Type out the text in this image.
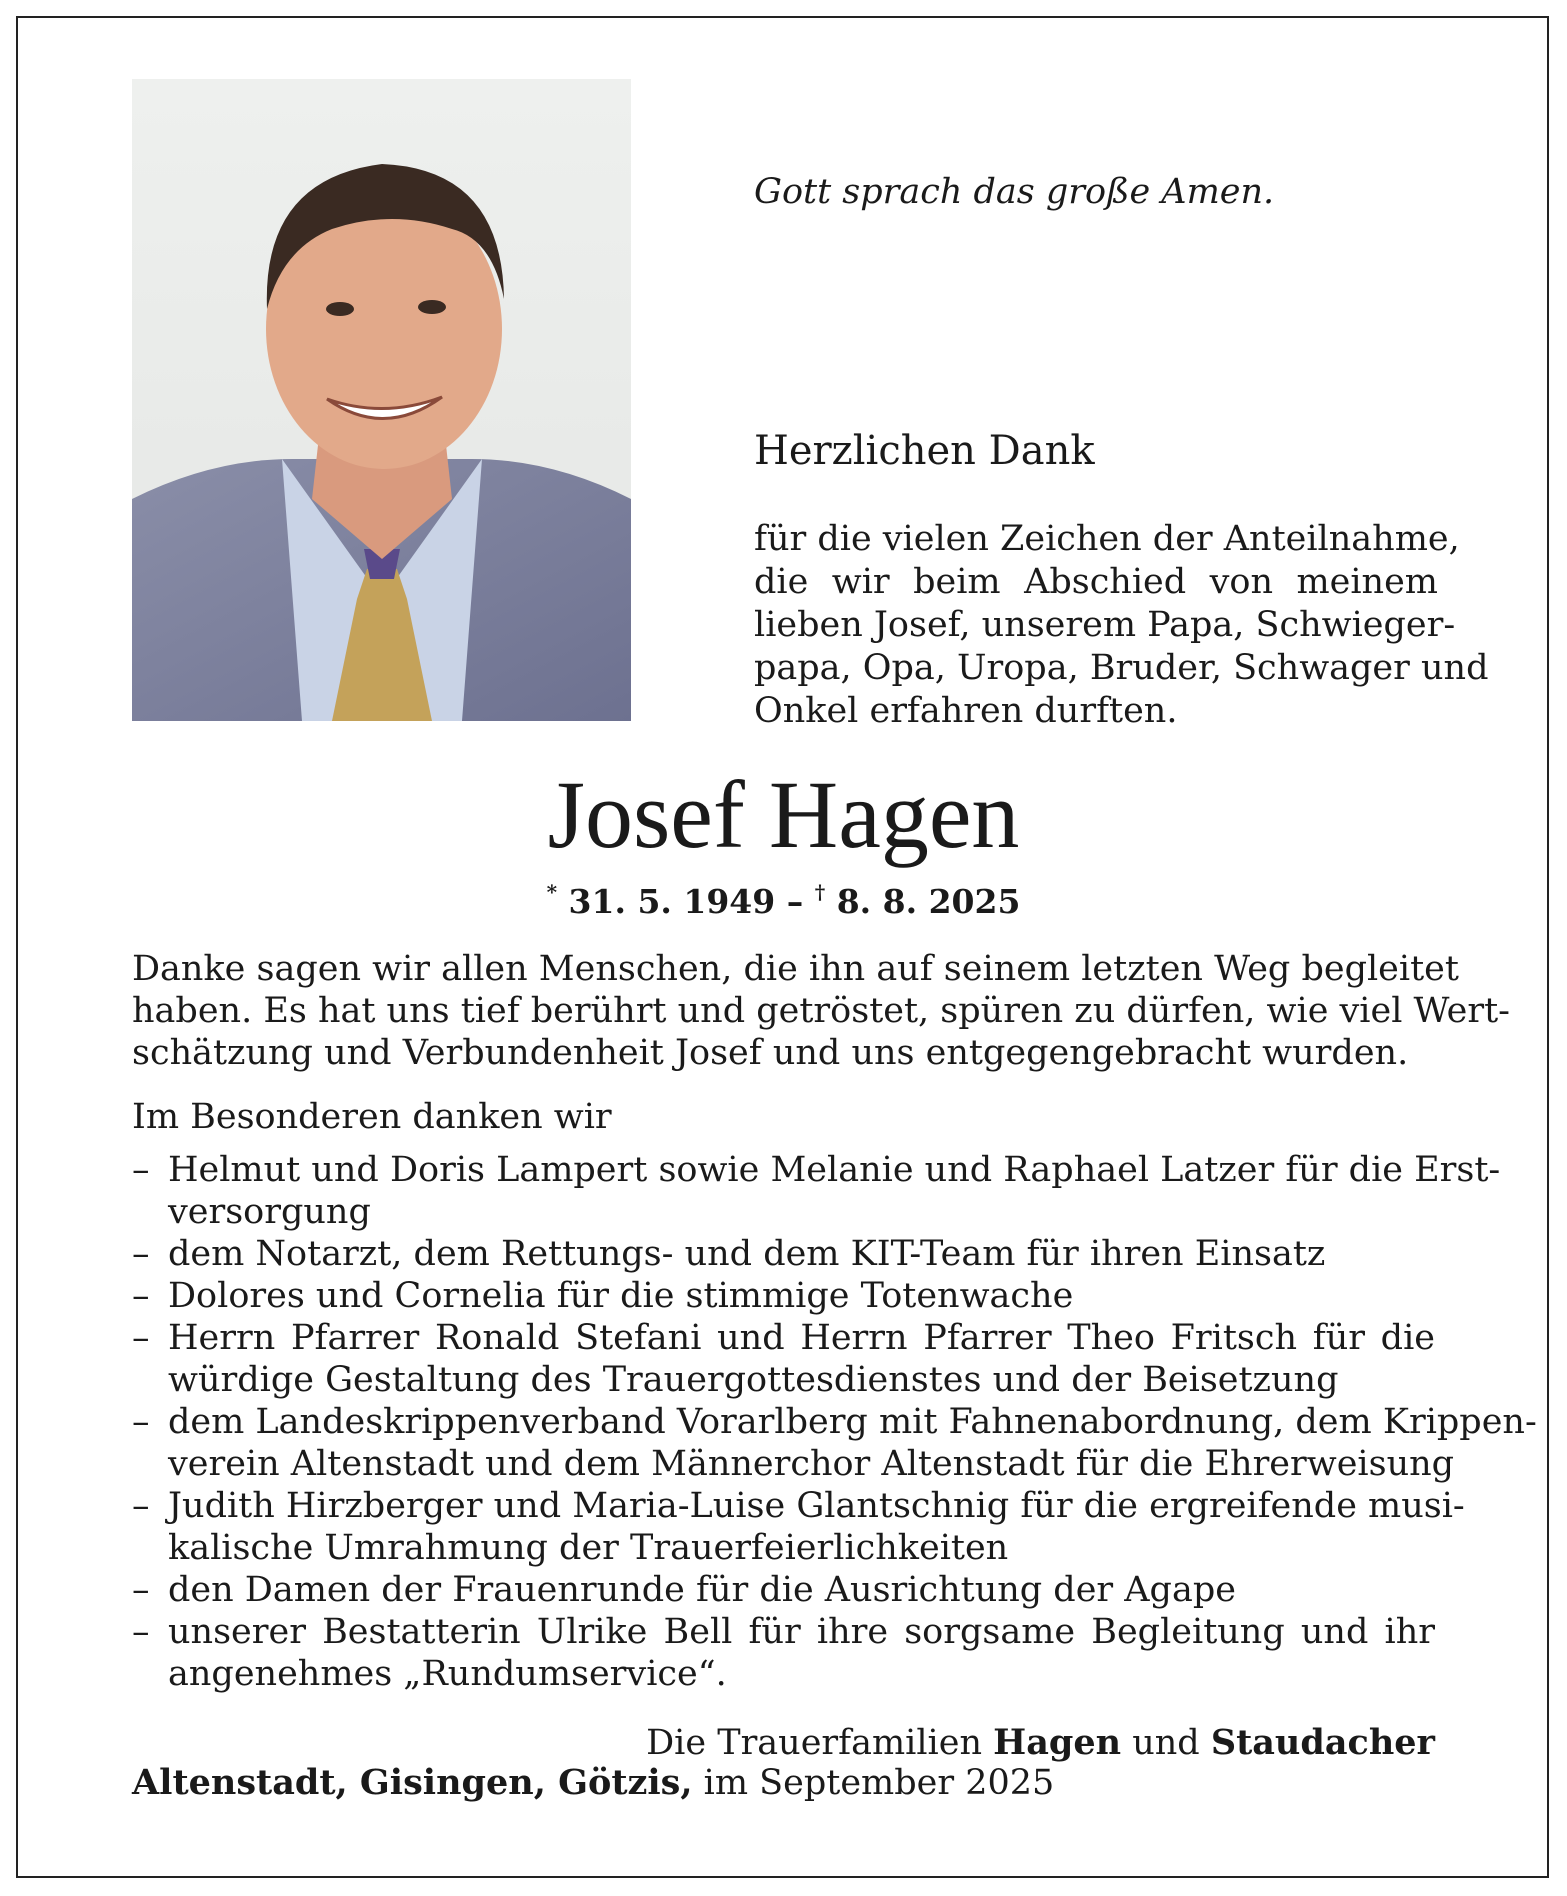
Gott sprach das große Amen.
Herzlichen Dank
für die vielen Zeichen der Anteilnahme,
die wir beim Abschied von meinem
lieben Josef, unserem Papa, Schwieger-
papa, Opa, Uropa, Bruder, Schwager und
Onkel erfahren durften.
Josef Hagen
* 31. 5. 1949 – † 8. 8. 2025
Danke sagen wir allen Menschen, die ihn auf seinem letzten Weg begleitet
haben. Es hat uns tief berührt und getröstet, spüren zu dürfen, wie viel Wert-
schätzung und Verbundenheit Josef und uns entgegengebracht wurden.
Im Besonderen danken wir
– Helmut und Doris Lampert sowie Melanie und Raphael Latzer für die Erst-
versorgung
– dem Notarzt, dem Rettungs- und dem KIT-Team für ihren Einsatz
– Dolores und Cornelia für die stimmige Totenwache
– Herrn Pfarrer Ronald Stefani und Herrn Pfarrer Theo Fritsch für die
würdige Gestaltung des Trauergottesdienstes und der Beisetzung
– dem Landeskrippenverband Vorarlberg mit Fahnenabordnung, dem Krippen-
verein Altenstadt und dem Männerchor Altenstadt für die Ehrerweisung
– Judith Hirzberger und Maria-Luise Glantschnig für die ergreifende musi-
kalische Umrahmung der Trauerfeierlichkeiten
– den Damen der Frauenrunde für die Ausrichtung der Agape
– unserer Bestatterin Ulrike Bell für ihre sorgsame Begleitung und ihr
angenehmes „Rundumservice“.
Die Trauerfamilien Hagen und Staudacher
Altenstadt, Gisingen, Götzis, im September 2025
